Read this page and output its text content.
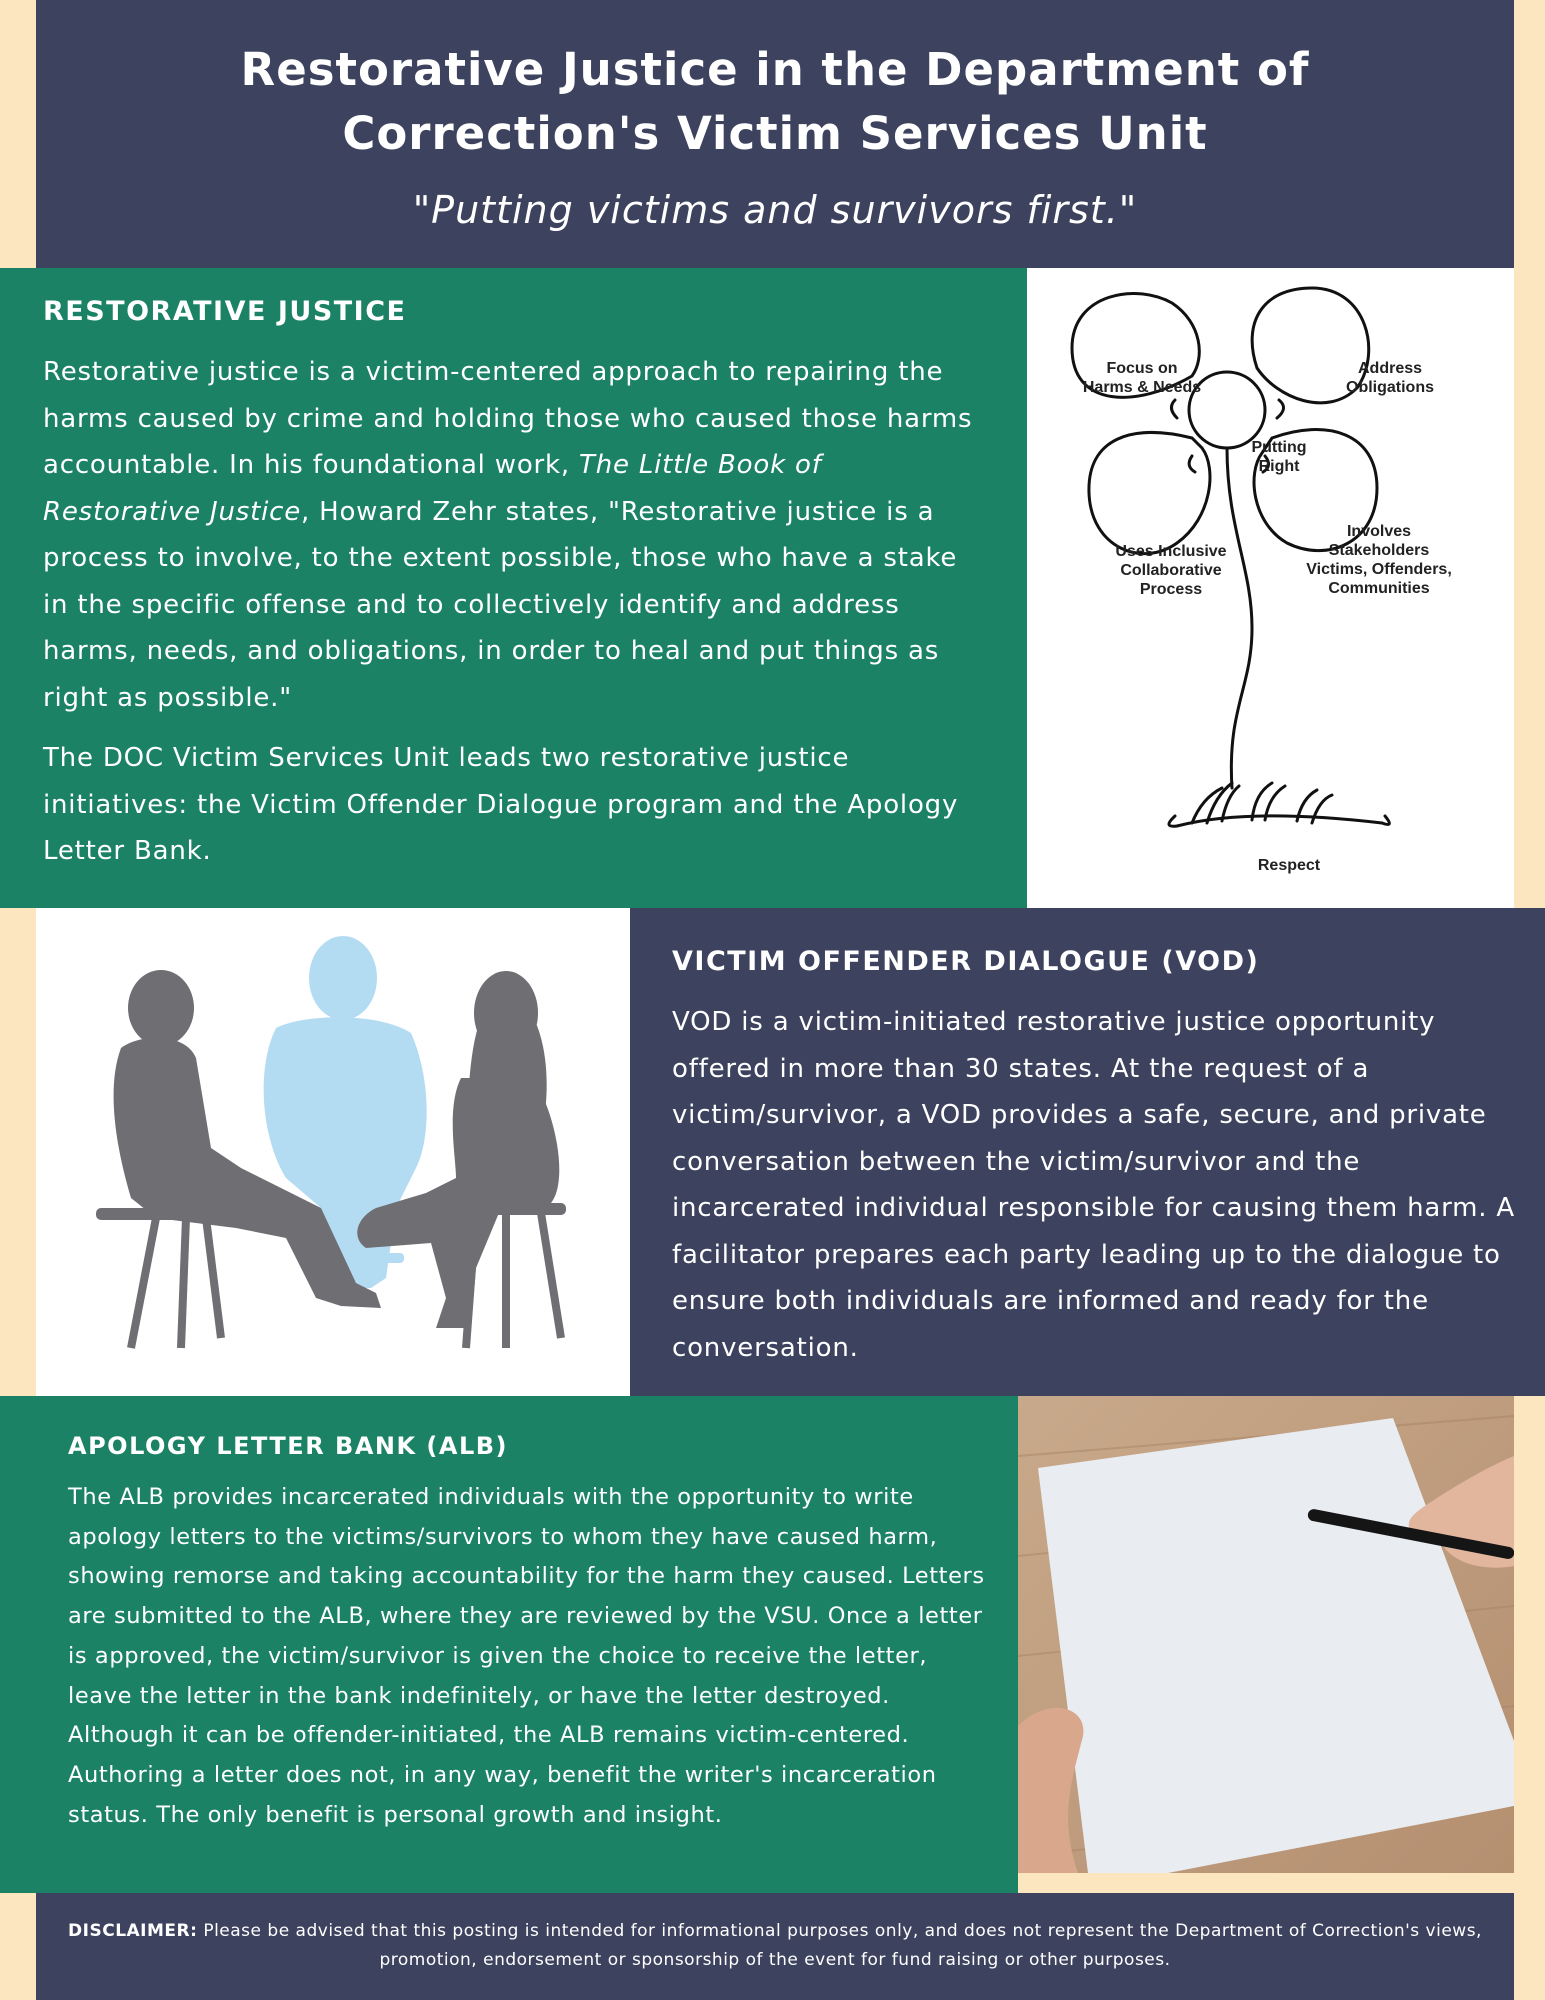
Restorative Justice in the Department of
Correction's Victim Services Unit
"Putting victims and survivors first."
RESTORATIVE JUSTICE

Restorative justice is a victim-centered approach to repairing the harms caused by crime and holding those who caused those harms accountable. In his foundational work, The Little Book of Restorative Justice, Howard Zehr states, "Restorative justice is a process to involve, to the extent possible, those who have a stake in the specific offense and to collectively identify and address harms, needs, and obligations, in order to heal and put things as right as possible."

The DOC Victim Services Unit leads two restorative justice initiatives: the Victim Offender Dialogue program and the Apology Letter Bank.

Focus on
Harms & Needs
Address
Obligations
Putting
Right
Uses Inclusive
Collaborative
Process
Involves
Stakeholders
Victims, Offenders,
Communities
Respect
VICTIM OFFENDER DIALOGUE (VOD)

VOD is a victim-initiated restorative justice opportunity offered in more than 30 states. At the request of a victim/survivor, a VOD provides a safe, secure, and private conversation between the victim/survivor and the incarcerated individual responsible for causing them harm. A facilitator prepares each party leading up to the dialogue to ensure both individuals are informed and ready for the conversation.

APOLOGY LETTER BANK (ALB)

The ALB provides incarcerated individuals with the opportunity to write apology letters to the victims/survivors to whom they have caused harm, showing remorse and taking accountability for the harm they caused. Letters are submitted to the ALB, where they are reviewed by the VSU. Once a letter is approved, the victim/survivor is given the choice to receive the letter, leave the letter in the bank indefinitely, or have the letter destroyed. Although it can be offender-initiated, the ALB remains victim-centered. Authoring a letter does not, in any way, benefit the writer's incarceration status. The only benefit is personal growth and insight.

DISCLAIMER: Please be advised that this posting is intended for informational purposes only, and does not represent the Department of Correction's views, promotion, endorsement or sponsorship of the event for fund raising or other purposes.
